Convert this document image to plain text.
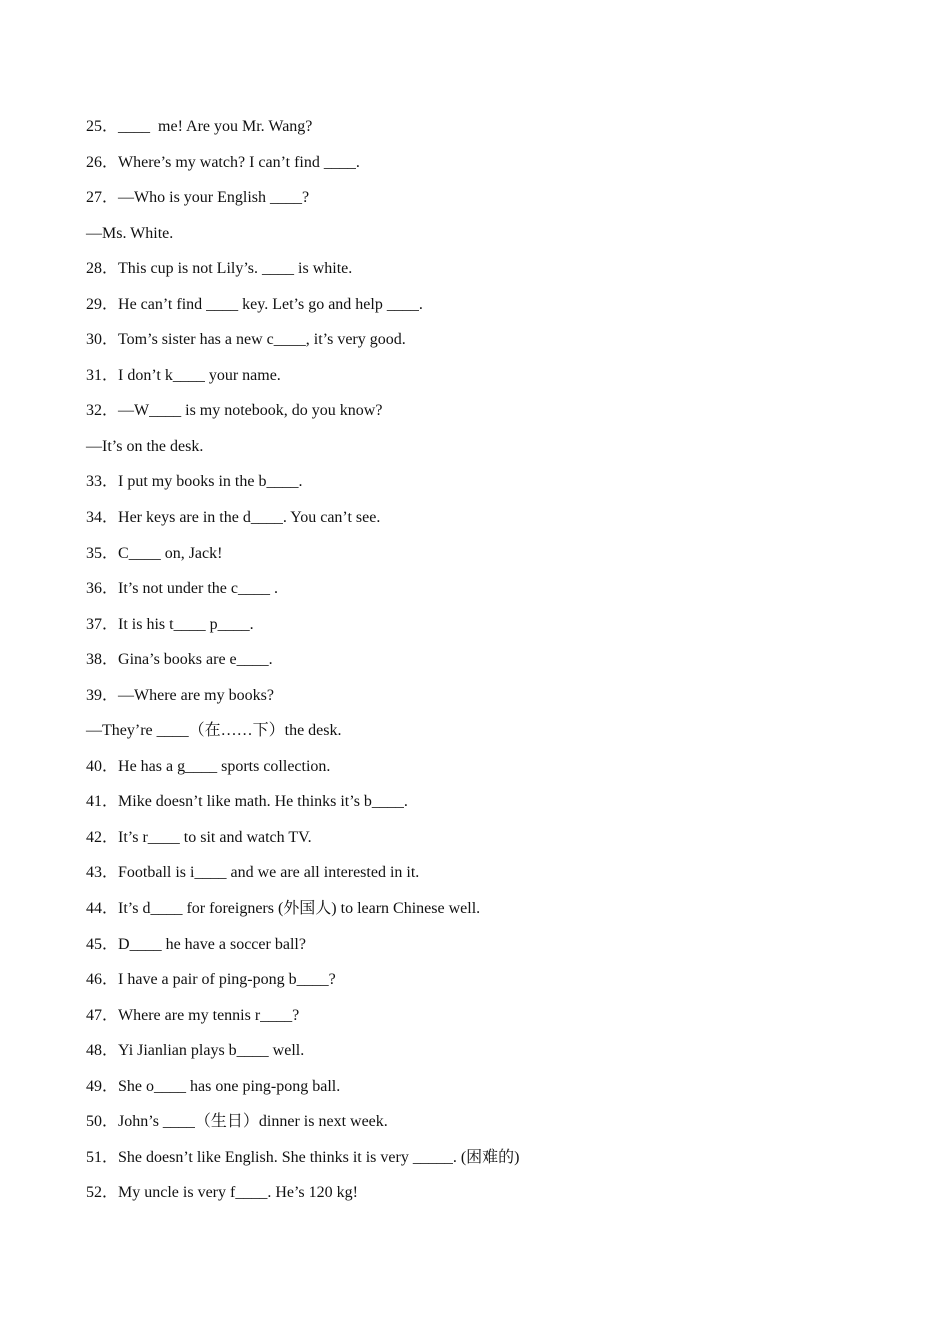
25．____  me! Are you Mr. Wang?
26．Where’s my watch? I can’t find ____.
27．—Who is your English ____?
—Ms. White.
28．This cup is not Lily’s. ____ is white.
29．He can’t find ____ key. Let’s go and help ____.
30．Tom’s sister has a new c____, it’s very good.
31．I don’t k____ your name.
32．—W____ is my notebook, do you know?
—It’s on the desk.
33．I put my books in the b____.
34．Her keys are in the d____. You can’t see.
35．C____ on, Jack!
36．It’s not under the c____ .
37．It is his t____ p____.
38．Gina’s books are e____.
39．—Where are my books?
—They’re ____（在……下）the desk.
40．He has a g____ sports collection.
41．Mike doesn’t like math. He thinks it’s b____.
42．It’s r____ to sit and watch TV.
43．Football is i____ and we are all interested in it.
44．It’s d____ for foreigners (外国人) to learn Chinese well.
45．D____ he have a soccer ball?
46．I have a pair of ping-pong b____?
47．Where are my tennis r____?
48．Yi Jianlian plays b____ well.
49．She o____ has one ping-pong ball.
50．John’s ____（生日）dinner is next week.
51．She doesn’t like English. She thinks it is very _____. (困难的)
52．My uncle is very f____. He’s 120 kg!
